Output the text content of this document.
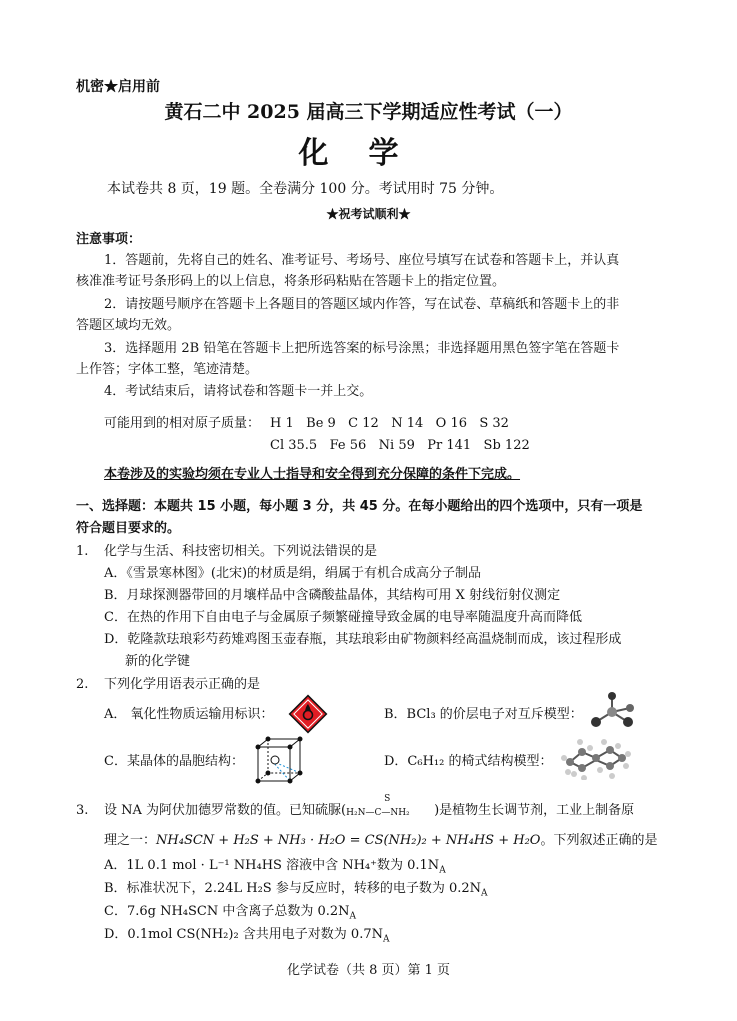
机密★启用前
黄石二中 2025 届高三下学期适应性考试（一）
化学
本试卷共 8 页，19 题。全卷满分 100 分。考试用时 75 分钟。
★祝考试顺利★
注意事项：
1．答题前，先将自己的姓名、准考证号、考场号、座位号填写在试卷和答题卡上，并认真
核准准考证号条形码上的以上信息，将条形码粘贴在答题卡上的指定位置。
2．请按题号顺序在答题卡上各题目的答题区域内作答，写在试卷、草稿纸和答题卡上的非
答题区域均无效。
3．选择题用 2B 铅笔在答题卡上把所选答案的标号涂黑；非选择题用黑色签字笔在答题卡
上作答；字体工整，笔迹清楚。
4．考试结束后，请将试卷和答题卡一并上交。
可能用到的相对原子质量： H 1   Be 9   C 12   N 14   O 16   S 32
Cl 35.5   Fe 56   Ni 59   Pr 141   Sb 122
本卷涉及的实验均须在专业人士指导和安全得到充分保障的条件下完成。
一、选择题：本题共 15 小题，每小题 3 分，共 45 分。在每小题给出的四个选项中，只有一项是
符合题目要求的。
1. 化学与生活、科技密切相关。下列说法错误的是
A．《雪景寒林图》(北宋)的材质是绢，绢属于有机合成高分子制品
B．月球探测器带回的月壤样品中含磷酸盐晶体，其结构可用 X 射线衍射仪测定
C．在热的作用下自由电子与金属原子频繁碰撞导致金属的电导率随温度升高而降低
D．乾隆款珐琅彩芍药雉鸡图玉壶春瓶，其珐琅彩由矿物颜料经高温烧制而成，该过程形成
新的化学键
2. 下列化学用语表示正确的是
A． 氧化性物质运输用标识：	B．BCl₃ 的价层电子对互斥模型：
C．某晶体的晶胞结构：	D．C₆H₁₂ 的椅式结构模型：
3. 设 NA 为阿伏加德罗常数的值。已知硫脲(
S
H₂N—C—NH₂ )是植物生长调节剂，工业上制备原
理之一：NH₄SCN + H₂S + NH₃ · H₂O = CS(NH₂)₂ + NH₄HS + H₂O。下列叙述正确的是
A．1L 0.1 mol · L⁻¹ NH₄HS 溶液中含 NH₄⁺数为 $0.1N_A$
B．标准状况下，2.24L H₂S 参与反应时，转移的电子数为 $0.2N_A$
C．7.6g NH₄SCN 中含离子总数为 $0.2N_A$
D．0.1mol CS(NH₂)₂ 含共用电子对数为 $0.7N_A$
化学试卷（共 8 页）第 1 页
